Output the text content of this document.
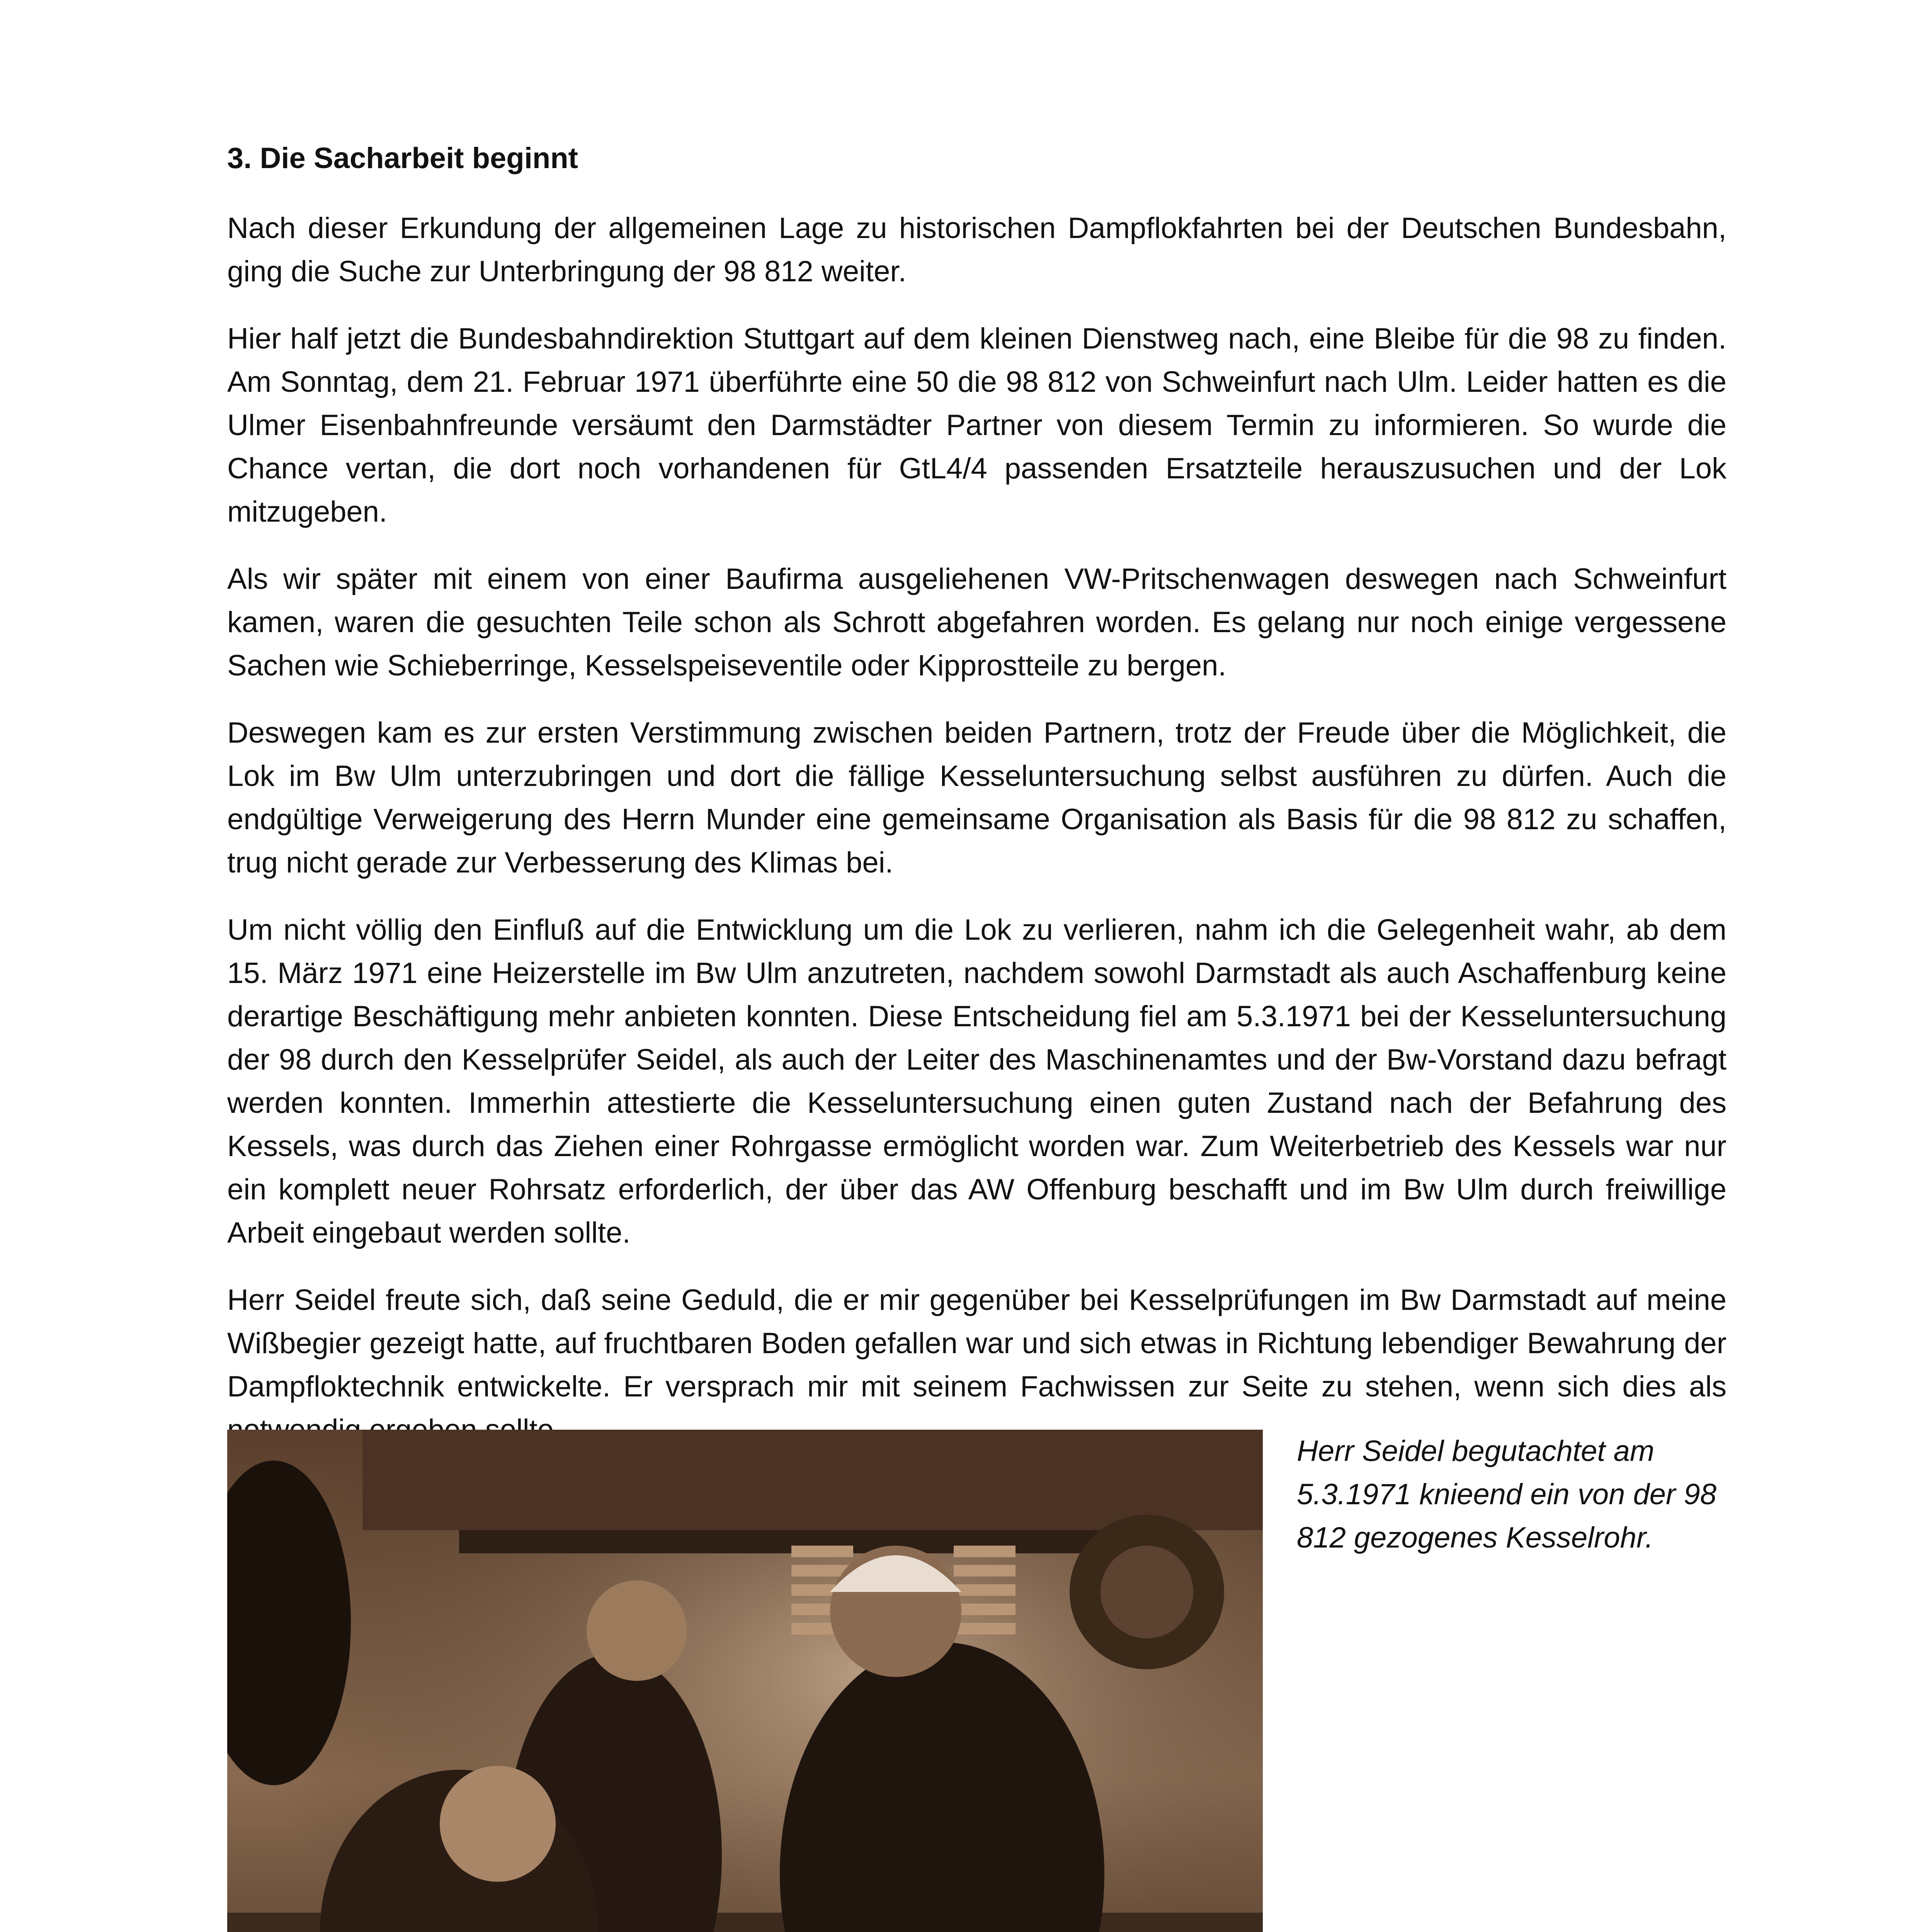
3. Die Sacharbeit beginnt

Nach dieser Erkundung der allgemeinen Lage zu historischen Dampflokfahrten bei der Deutschen Bundesbahn, ging die Suche zur Unterbringung der 98 812 weiter.

Hier half jetzt die Bundesbahndirektion Stuttgart auf dem kleinen Dienstweg nach, eine Bleibe für die 98 zu finden. Am Sonntag, dem 21. Februar 1971 überführte eine 50 die 98 812 von Schweinfurt nach Ulm. Leider hatten es die Ulmer Eisenbahnfreunde versäumt den Darmstädter Partner von diesem Termin zu informieren. So wurde die Chance vertan, die dort noch vorhandenen für GtL4/4 passenden Ersatzteile herauszusuchen und der Lok mitzugeben.

Als wir später mit einem von einer Baufirma ausgeliehenen VW-Pritschenwagen deswegen nach Schweinfurt kamen, waren die gesuchten Teile schon als Schrott abgefahren worden. Es gelang nur noch einige vergessene Sachen wie Schieberringe, Kesselspeiseventile oder Kipprostteile zu bergen.

Deswegen kam es zur ersten Verstimmung zwischen beiden Partnern, trotz der Freude über die Möglichkeit, die Lok im Bw Ulm unterzubringen und dort die fällige Kesseluntersuchung selbst ausführen zu dürfen. Auch die endgültige Verweigerung des Herrn Munder eine gemeinsame Organisation als Basis für die 98 812 zu schaffen, trug nicht gerade zur Verbesserung des Klimas bei.

Um nicht völlig den Einfluß auf die Entwicklung um die Lok zu verlieren, nahm ich die Gelegenheit wahr, ab dem 15. März 1971 eine Heizerstelle im Bw Ulm anzutreten, nachdem sowohl Darmstadt als auch Aschaffenburg keine derartige Beschäftigung mehr anbieten konnten. Diese Entscheidung fiel am 5.3.1971 bei der Kesseluntersuchung der 98 durch den Kesselprüfer Seidel, als auch der Leiter des Maschinenamtes und der Bw-Vorstand dazu befragt werden konnten. Immerhin attestierte die Kesseluntersuchung einen guten Zustand nach der Befahrung des Kessels, was durch das Ziehen einer Rohrgasse ermöglicht worden war. Zum Weiterbetrieb des Kessels war nur ein komplett neuer Rohrsatz erforderlich, der über das AW Offenburg beschafft und im Bw Ulm durch freiwillige Arbeit eingebaut werden sollte.

Herr Seidel freute sich, daß seine Geduld, die er mir gegenüber bei Kesselprüfungen im Bw Darmstadt auf meine Wißbegier gezeigt hatte, auf fruchtbaren Boden gefallen war und sich etwas in Richtung lebendiger Bewahrung der Dampfloktechnik entwickelte. Er versprach mir mit seinem Fachwissen zur Seite zu stehen, wenn sich dies als

Herr Seidel begutachtet am 5.3.1971 knieend ein von der 98 812 gezogenes Kesselrohr.
